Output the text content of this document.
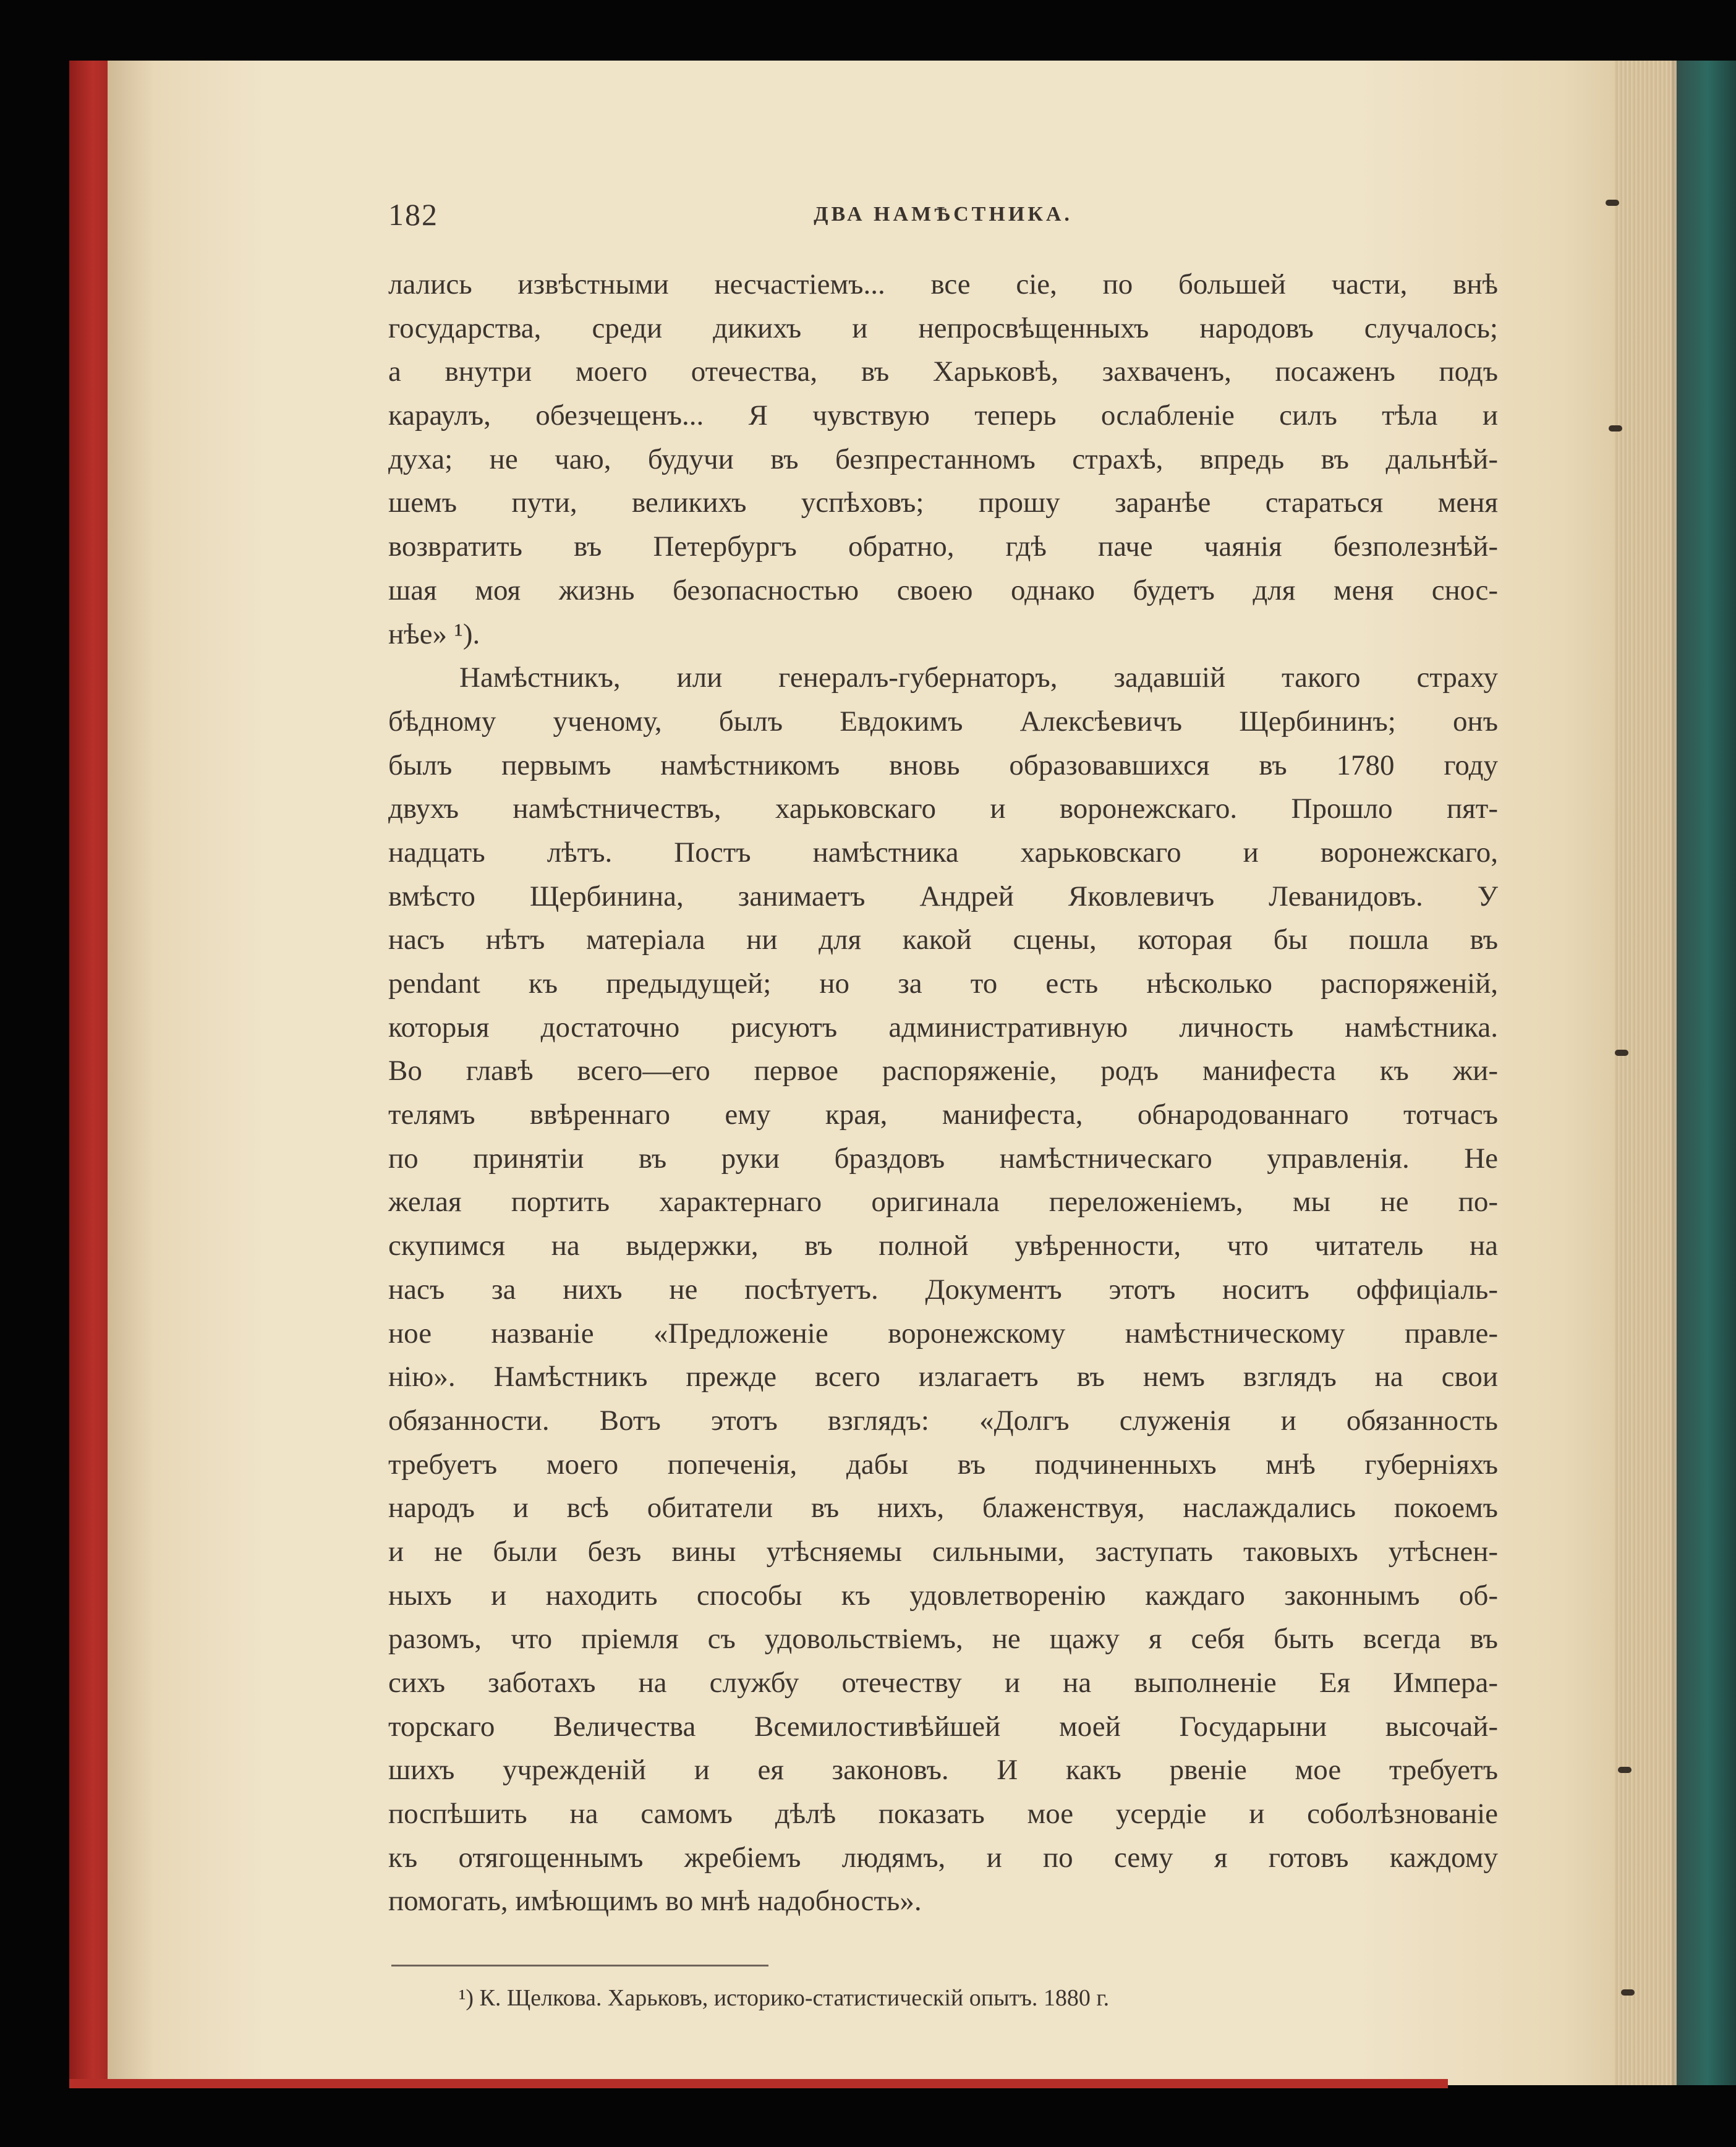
182	ДВА НАМѢСТНИКА.
лались извѣстными несчастіемъ... все сіе, по большей части, внѣ
государства, среди дикихъ и непросвѣщенныхъ народовъ случалось;
а внутри моего отечества, въ Харьковѣ, захваченъ, посаженъ подъ
караулъ, обезчещенъ... Я чувствую теперь ослабленіе силъ тѣла и
духа; не чаю, будучи въ безпрестанномъ страхѣ, впредь въ дальнѣй-
шемъ пути, великихъ успѣховъ; прошу заранѣе стараться меня
возвратить въ Петербургъ обратно, гдѣ паче чаянія безполезнѣй-
шая моя жизнь безопасностью своею однако будетъ для меня снос-
нѣе» ¹).
Намѣстникъ, или генералъ-губернаторъ, задавшій такого страху
бѣдному ученому, былъ Евдокимъ Алексѣевичъ Щербининъ; онъ
былъ первымъ намѣстникомъ вновь образовавшихся въ 1780 году
двухъ намѣстничествъ, харьковскаго и воронежскаго. Прошло пят-
надцать лѣтъ. Постъ намѣстника харьковскаго и воронежскаго,
вмѣсто Щербинина, занимаетъ Андрей Яковлевичъ Леванидовъ. У
насъ нѣтъ матеріала ни для какой сцены, которая бы пошла въ
pendant къ предыдущей; но за то есть нѣсколько распоряженій,
которыя достаточно рисуютъ административную личность намѣстника.
Во главѣ всего—его первое распоряженіе, родъ манифеста къ жи-
телямъ ввѣреннаго ему края, манифеста, обнародованнаго тотчасъ
по принятіи въ руки браздовъ намѣстническаго управленія. Не
желая портить характернаго оригинала переложеніемъ, мы не по-
скупимся на выдержки, въ полной увѣренности, что читатель на
насъ за нихъ не посѣтуетъ. Документъ этотъ носитъ оффиціаль-
ное названіе «Предложеніе воронежскому намѣстническому правле-
нію». Намѣстникъ прежде всего излагаетъ въ немъ взглядъ на свои
обязанности. Вотъ этотъ взглядъ: «Долгъ служенія и обязанность
требуетъ моего попеченія, дабы въ подчиненныхъ мнѣ губерніяхъ
народъ и всѣ обитатели въ нихъ, блаженствуя, наслаждались покоемъ
и не были безъ вины утѣсняемы сильными, заступать таковыхъ утѣснен-
ныхъ и находить способы къ удовлетворенію каждаго законнымъ об-
разомъ, что пріемля съ удовольствіемъ, не щажу я себя быть всегда въ
сихъ заботахъ на службу отечеству и на выполненіе Ея Импера-
торскаго Величества Всемилостивѣйшей моей Государыни высочай-
шихъ учрежденій и ея законовъ. И какъ рвеніе мое требуетъ
поспѣшить на самомъ дѣлѣ показать мое усердіе и соболѣзнованіе
къ отягощеннымъ жребіемъ людямъ, и по сему я готовъ каждому
помогать, имѣющимъ во мнѣ надобность».
¹) К. Щелкова. Харьковъ, историко-статистическій опытъ. 1880 г.
